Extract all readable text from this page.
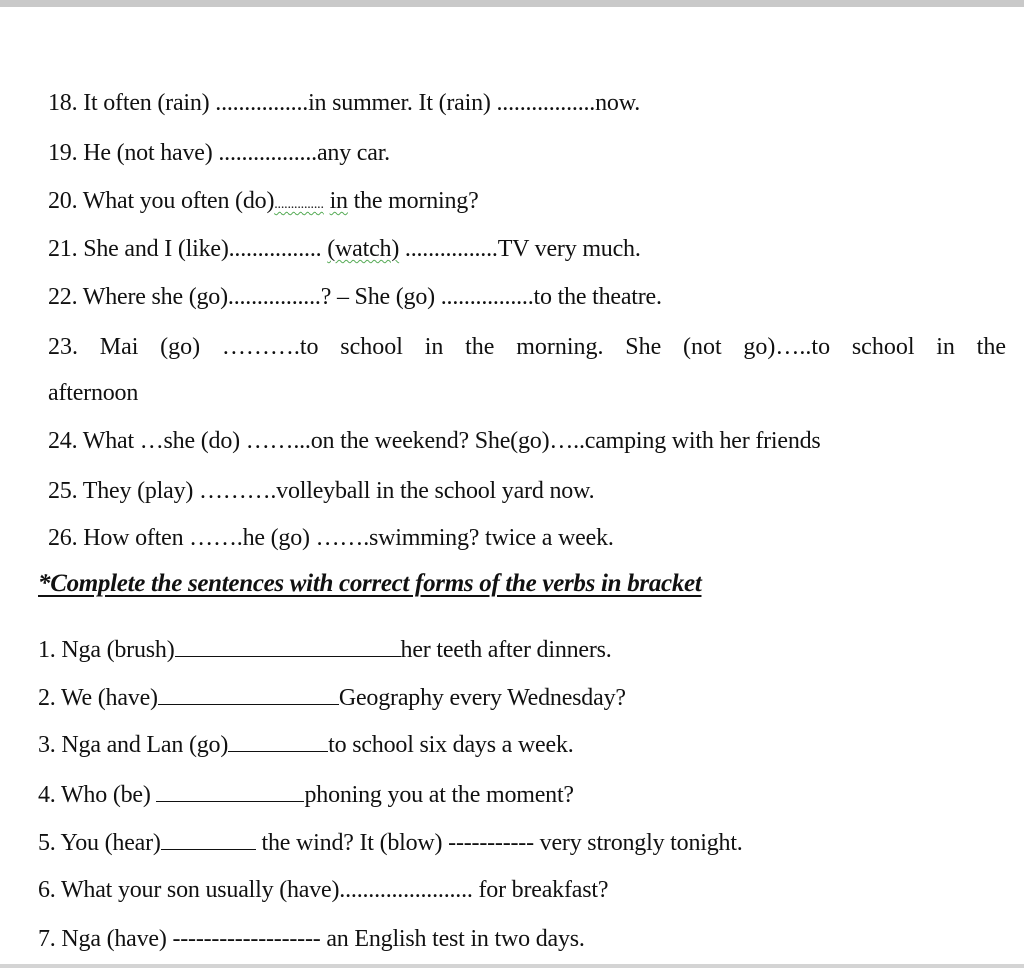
18. It often (rain) ................in summer. It (rain) .................now.
19. He (not have) .................any car.
20. What you often (do)............... in the morning?
21. She and I (like)................ (watch) ................TV very much.
22. Where she (go)................? – She (go) ................to the theatre.
23. Mai (go) ……….to school in the morning. She (not go)…..to school in the
afternoon
24. What …she (do) ……...on the weekend? She(go)…..camping with her friends
25. They (play) ……….volleyball in the school yard now.
26. How often …….he (go) …….swimming? twice a week.
*Complete the sentences with correct forms of the verbs in bracket
1. Nga (brush)	her teeth after dinners.
2. We (have)	Geography every Wednesday?
3. Nga and Lan (go)	to school six days a week.
4. Who (be)	phoning you at the moment?
5. You (hear)	the wind? It (blow) ----------- very strongly tonight.
6. What your son usually (have)....................... for breakfast?
7. Nga (have) ------------------- an English test in two days.
